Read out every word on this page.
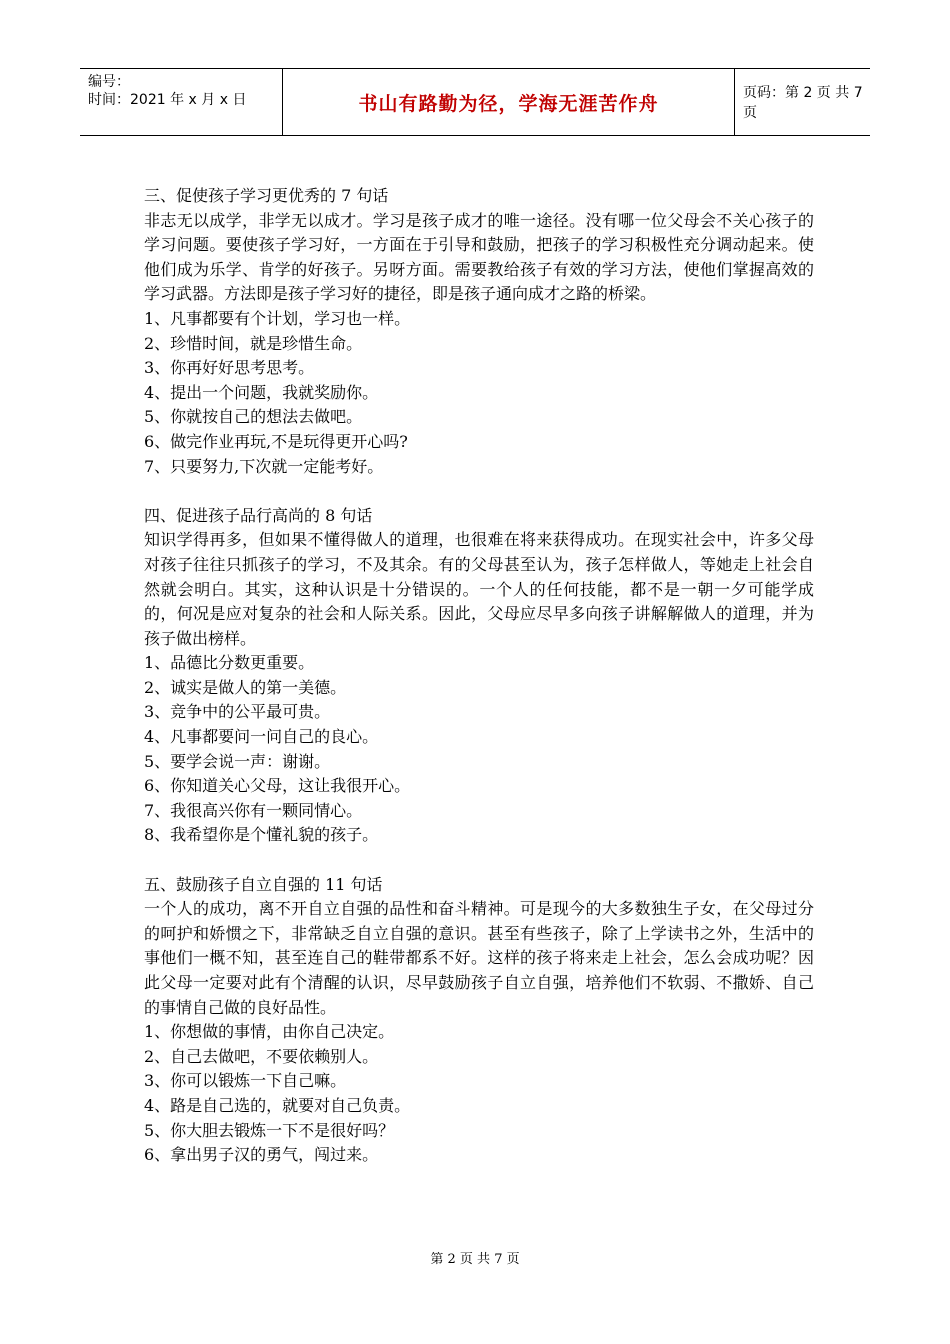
编号：
时间：2021 年 x 月 x 日	书山有路勤为径，学海无涯苦作舟	页码：第 2 页 共 7 页

三、促使孩子学习更优秀的 7 句话

非志无以成学，非学无以成才。学习是孩子成才的唯一途径。没有哪一位父母会不关心孩子的学习问题。要使孩子学习好，一方面在于引导和鼓励，把孩子的学习积极性充分调动起来。使他们成为乐学、肯学的好孩子。另呀方面。需要教给孩子有效的学习方法，使他们掌握高效的学习武器。方法即是孩子学习好的捷径，即是孩子通向成才之路的桥梁。

1、凡事都要有个计划，学习也一样。

2、珍惜时间，就是珍惜生命。

3、你再好好思考思考。

4、提出一个问题，我就奖励你。

5、你就按自己的想法去做吧。

6、做完作业再玩,不是玩得更开心吗?

7、只要努力,下次就一定能考好。

四、促进孩子品行高尚的 8 句话

知识学得再多，但如果不懂得做人的道理，也很难在将来获得成功。在现实社会中，许多父母对孩子往往只抓孩子的学习，不及其余。有的父母甚至认为，孩子怎样做人，等她走上社会自然就会明白。其实，这种认识是十分错误的。一个人的任何技能，都不是一朝一夕可能学成的，何况是应对复杂的社会和人际关系。因此，父母应尽早多向孩子讲解解做人的道理，并为孩子做出榜样。

1、品德比分数更重要。

2、诚实是做人的第一美德。

3、竞争中的公平最可贵。

4、凡事都要问一问自己的良心。

5、要学会说一声：谢谢。

6、你知道关心父母，这让我很开心。

7、我很高兴你有一颗同情心。

8、我希望你是个懂礼貌的孩子。

五、鼓励孩子自立自强的 11 句话

一个人的成功，离不开自立自强的品性和奋斗精神。可是现今的大多数独生子女，在父母过分的呵护和娇惯之下，非常缺乏自立自强的意识。甚至有些孩子，除了上学读书之外，生活中的事他们一概不知，甚至连自己的鞋带都系不好。这样的孩子将来走上社会，怎么会成功呢？因此父母一定要对此有个清醒的认识，尽早鼓励孩子自立自强，培养他们不软弱、不撒娇、自己的事情自己做的良好品性。

1、你想做的事情，由你自己决定。

2、自己去做吧，不要依赖别人。

3、你可以锻炼一下自己嘛。

4、路是自己选的，就要对自己负责。

5、你大胆去锻炼一下不是很好吗？

6、拿出男子汉的勇气，闯过来。

第 2 页 共 7 页
